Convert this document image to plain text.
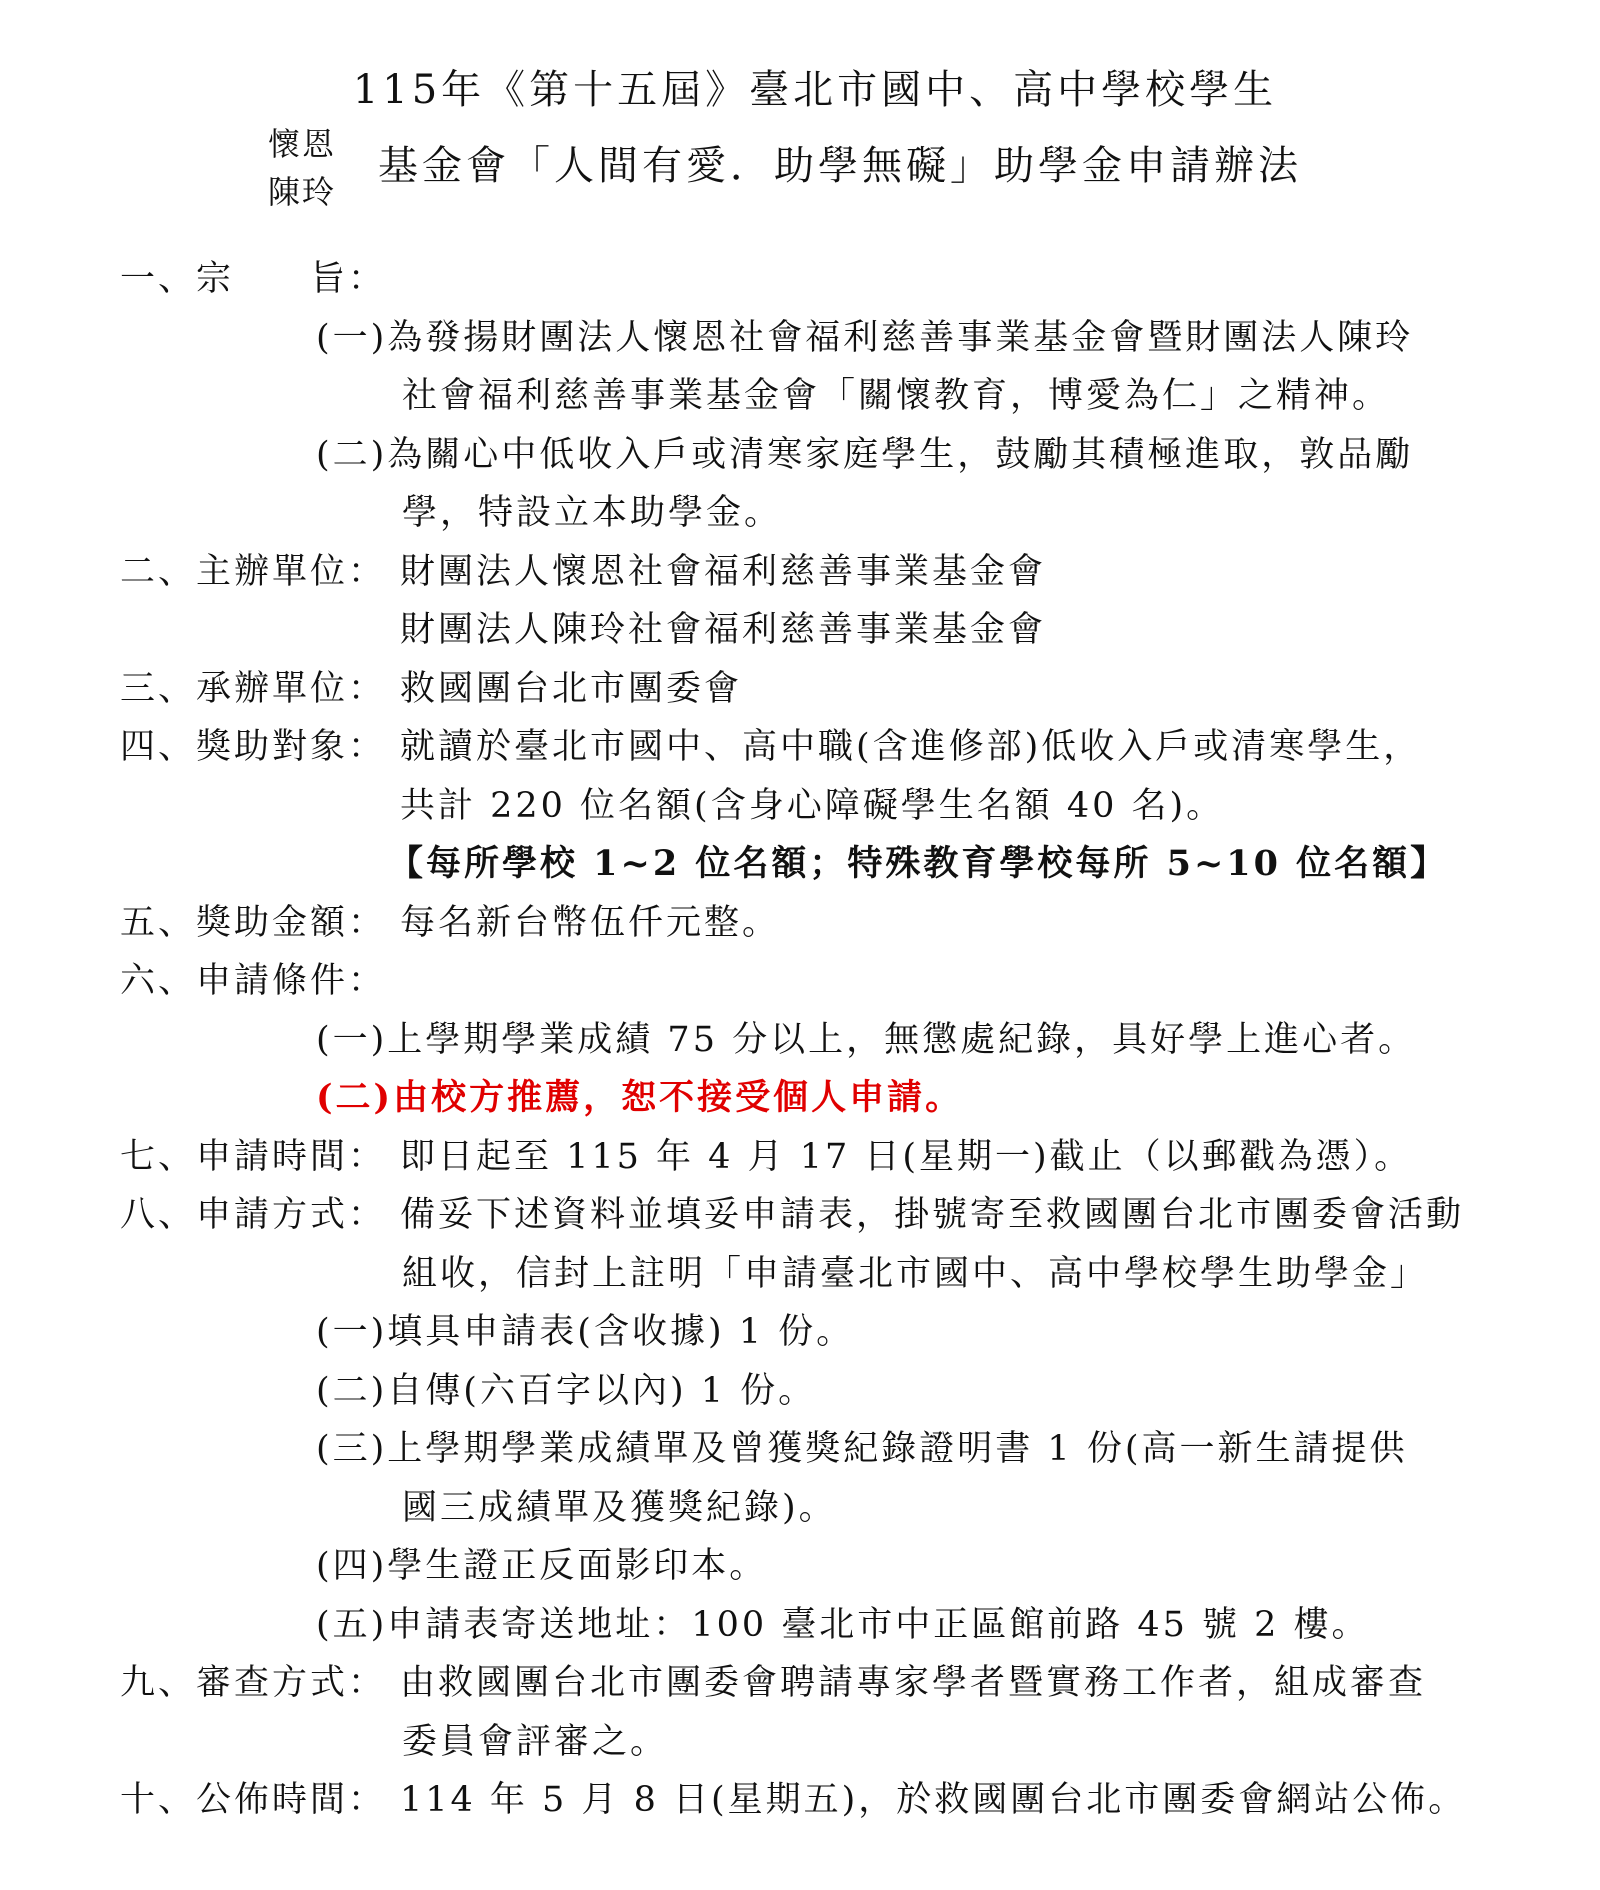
115年《第十五屆》臺北市國中、高中學校學生
懷恩
陳玲
基金會「人間有愛．助學無礙」助學金申請辦法
一、宗　　旨：
(一)為發揚財團法人懷恩社會福利慈善事業基金會暨財團法人陳玲
社會福利慈善事業基金會「關懷教育，博愛為仁」之精神。
(二)為關心中低收入戶或清寒家庭學生，鼓勵其積極進取，敦品勵
學，特設立本助學金。
二、主辦單位： 財團法人懷恩社會福利慈善事業基金會
財團法人陳玲社會福利慈善事業基金會
三、承辦單位： 救國團台北市團委會
四、獎助對象： 就讀於臺北市國中、高中職(含進修部)低收入戶或清寒學生，
共計 220 位名額(含身心障礙學生名額 40 名)。
【每所學校 1~2 位名額；特殊教育學校每所 5~10 位名額】
五、獎助金額： 每名新台幣伍仟元整。
六、申請條件：
(一)上學期學業成績 75 分以上，無懲處紀錄，具好學上進心者。
(二)由校方推薦，恕不接受個人申請。
七、申請時間： 即日起至 115 年 4 月 17 日(星期一)截止（以郵戳為憑）。
八、申請方式： 備妥下述資料並填妥申請表，掛號寄至救國團台北市團委會活動
組收，信封上註明「申請臺北市國中、高中學校學生助學金」
(一)填具申請表(含收據) 1 份。
(二)自傳(六百字以內) 1 份。
(三)上學期學業成績單及曾獲獎紀錄證明書 1 份(高一新生請提供
國三成績單及獲獎紀錄)。
(四)學生證正反面影印本。
(五)申請表寄送地址：100 臺北市中正區館前路 45 號 2 樓。
九、審查方式： 由救國團台北市團委會聘請專家學者暨實務工作者，組成審查
委員會評審之。
十、公佈時間： 114 年 5 月 8 日(星期五)，於救國團台北市團委會網站公佈。
